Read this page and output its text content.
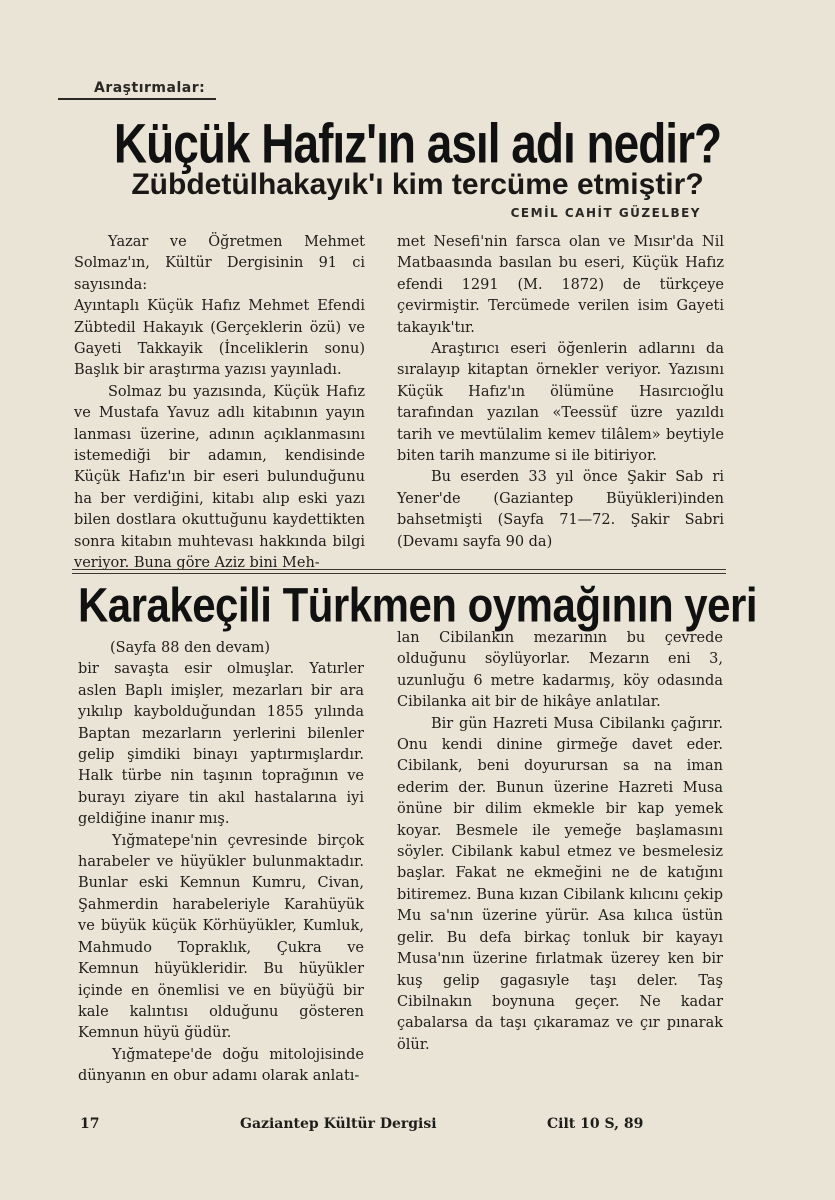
Araştırmalar:
Küçük Hafız'ın asıl adı nedir?
Zübdetülhakayık'ı kim tercüme etmiştir?
CEMİL CAHİT GÜZELBEY

Yazar ve Öğretmen Mehmet Solmaz'ın, Kültür Dergisinin 91 ci sayısında:

Ayıntaplı Küçük Hafız Mehmet Efendi Zübtedil Hakayık (Gerçeklerin özü) ve Gayeti Takkayik (İnceliklerin sonu) Başlık bir araştırma yazısı yayınladı.

Solmaz bu yazısında, Küçük Hafız ve Mustafa Yavuz adlı kitabının yayın lanması üzerine, adının açıklanmasını istemediği bir adamın, kendisinde Küçük Hafız'ın bir eseri bulunduğunu ha ber verdiğini, kitabı alıp eski yazı bilen dostlara okuttuğunu kaydettikten sonra kitabın muhtevası hakkında bilgi veriyor. Buna göre Aziz bini Meh-

met Nesefi'nin farsca olan ve Mısır'da Nil Matbaasında basılan bu eseri, Küçük Hafız efendi 1291 (M. 1872) de türkçeye çevirmiştir. Tercümede verilen isim Gayeti takayık'tır.

Araştırıcı eseri öğenlerin adlarını da sıralayıp kitaptan örnekler veriyor. Yazısını Küçük Hafız'ın ölümüne Hasırcıoğlu tarafından yazılan «Teessüf üzre yazıldı tarih ve mevtülalim kemev tilâlem» beytiyle biten tarih manzume si ile bitiriyor.

Bu eserden 33 yıl önce Şakir Sab ri Yener'de (Gaziantep Büyükleri)inden bahsetmişti (Sayfa 71—72. Şakir Sabri (Devamı sayfa 90 da)

Karakeçili Türkmen oymağının yeri

(Sayfa 88 den devam)

bir savaşta esir olmuşlar. Yatırler aslen Baplı imişler, mezarları bir ara yıkılıp kaybolduğundan 1855 yılında Baptan mezarların yerlerini bilenler gelip şimdiki binayı yaptırmışlardır. Halk türbe nin taşının toprağının ve burayı ziyare tin akıl hastalarına iyi geldiğine inanır mış.

Yığmatepe'nin çevresinde birçok harabeler ve hüyükler bulunmaktadır. Bunlar eski Kemnun Kumru, Civan, Şahmerdin harabeleriyle Karahüyük ve büyük küçük Körhüyükler, Kumluk, Mahmudo Topraklık, Çukra ve Kemnun hüyükleridir. Bu hüyükler içinde en önemlisi ve en büyüğü bir kale kalıntısı olduğunu gösteren Kemnun hüyü ğüdür.

Yığmatepe'de doğu mitolojisinde dünyanın en obur adamı olarak anlatı-

lan Cibilankın mezarının bu çevrede olduğunu söylüyorlar. Mezarın eni 3, uzunluğu 6 metre kadarmış, köy odasında Cibilanka ait bir de hikâye anlatılar.

Bir gün Hazreti Musa Cibilankı çağırır. Onu kendi dinine girmeğe davet eder. Cibilank, beni doyurursan sa na iman ederim der. Bunun üzerine Hazreti Musa önüne bir dilim ekmekle bir kap yemek koyar. Besmele ile yemeğe başlamasını söyler. Cibilank kabul etmez ve besmelesiz başlar. Fakat ne ekmeğini ne de katığını bitiremez. Buna kızan Cibilank kılıcını çekip Mu sa'nın üzerine yürür. Asa kılıca üstün gelir. Bu defa birkaç tonluk bir kayayı Musa'nın üzerine fırlatmak üzerey ken bir kuş gelip gagasıyle taşı deler. Taş Cibilnakın boynuna geçer. Ne kadar çabalarsa da taşı çıkaramaz ve çır pınarak ölür.

17	Gaziantep Kültür Dergisi	Cilt 10 S, 89
